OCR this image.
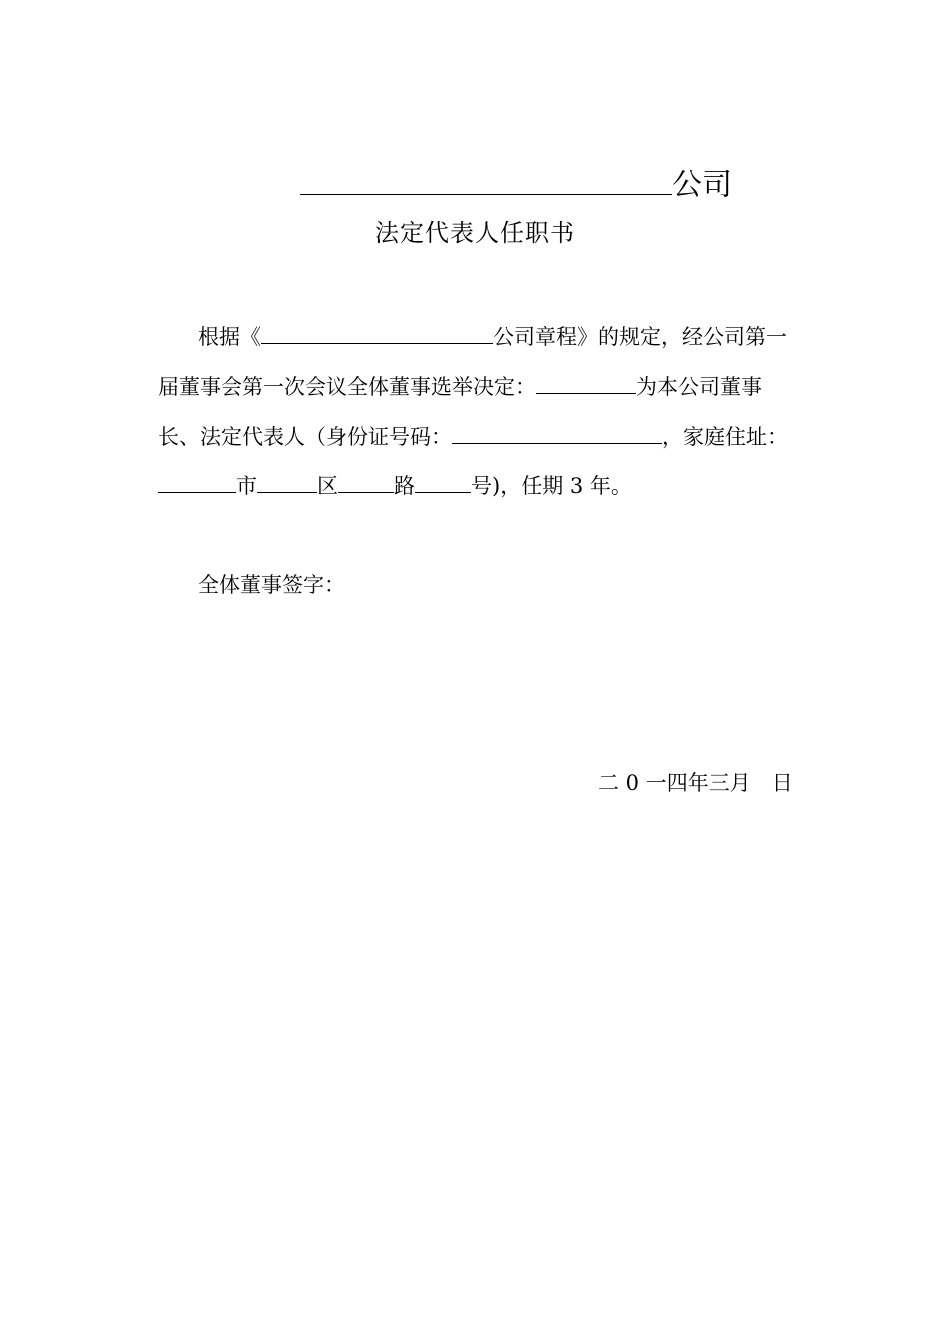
公司
法定代表人任职书
根据《	公司章程》的规定，经公司第一
届董事会第一次会议全体董事选举决定：	为本公司董事
长、法定代表人（身份证号码：	，家庭住址：
市	区	路	号)，任期 3 年。
全体董事签字：
二 0 一四年三月　日
